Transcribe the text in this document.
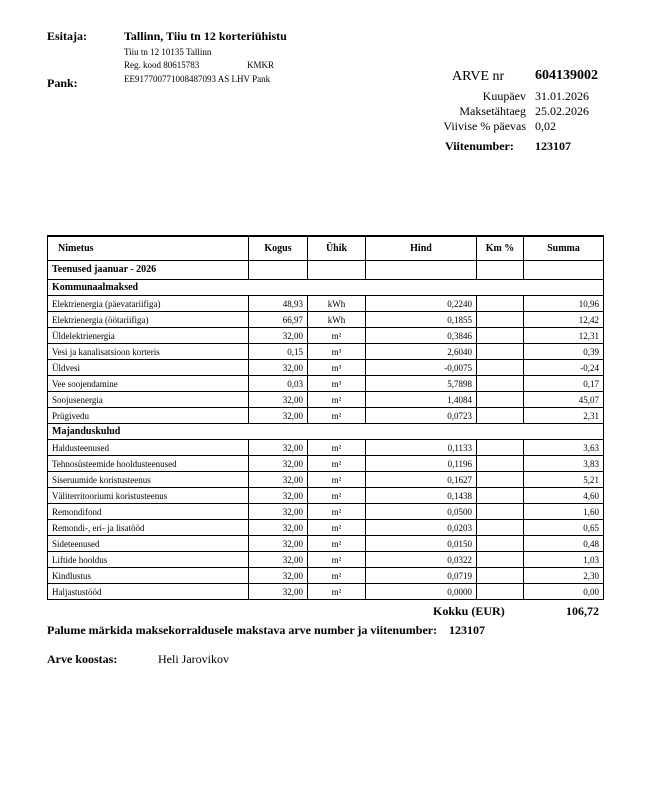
Esitaja:	Tallinn, Tiiu tn 12 korteriühistu
Tiiu tn 12 10135 Tallinn
Reg. kood 80615783	KMKR
Pank:	EE917700771008487093 AS LHV Pank	ARVE nr 604139002
Kuupäev 31.01.2026
Maksetähtaeg 25.02.2026
Viivise % päevas 0,02
Viitenumber: 123107
Nimetus	Kogus	Ühik	Hind	Km %	Summa
Teenused jaanuar - 2026					
Kommunaalmaksed					
Elektrienergia (päevatariifiga)	48,93	kWh	0,2240		10,96
Elektrienergia (öötariifiga)	66,97	kWh	0,1855		12,42
Üldelektrienergia	32,00	m²	0,3846		12,31
Vesi ja kanalisatsioon korteris	0,15	m³	2,6040		0,39
Üldvesi	32,00	m³	-0,0075		-0,24
Vee soojendamine	0,03	m³	5,7898		0,17
Soojusenergia	32,00	m²	1,4084		45,07
Prügivedu	32,00	m²	0,0723		2,31
Majanduskulud					
Haldusteenused	32,00	m²	0,1133		3,63
Tehnosüsteemide hooldusteenused	32,00	m²	0,1196		3,83
Siseruumide koristusteenus	32,00	m²	0,1627		5,21
Väliterritooriumi koristusteenus	32,00	m²	0,1438		4,60
Remondifond	32,00	m²	0,0500		1,60
Remondi-, eri- ja lisatööd	32,00	m²	0,0203		0,65
Sideteenused	32,00	m²	0,0150		0,48
Liftide hooldus	32,00	m²	0,0322		1,03
Kindlustus	32,00	m²	0,0719		2,30
Haljastustööd	32,00	m²	0,0000		0,00
Kokku (EUR)	106,72
Palume märkida maksekorraldusele makstava arve number ja viitenumber: 123107
Arve koostas:	Heli Jarovikov
